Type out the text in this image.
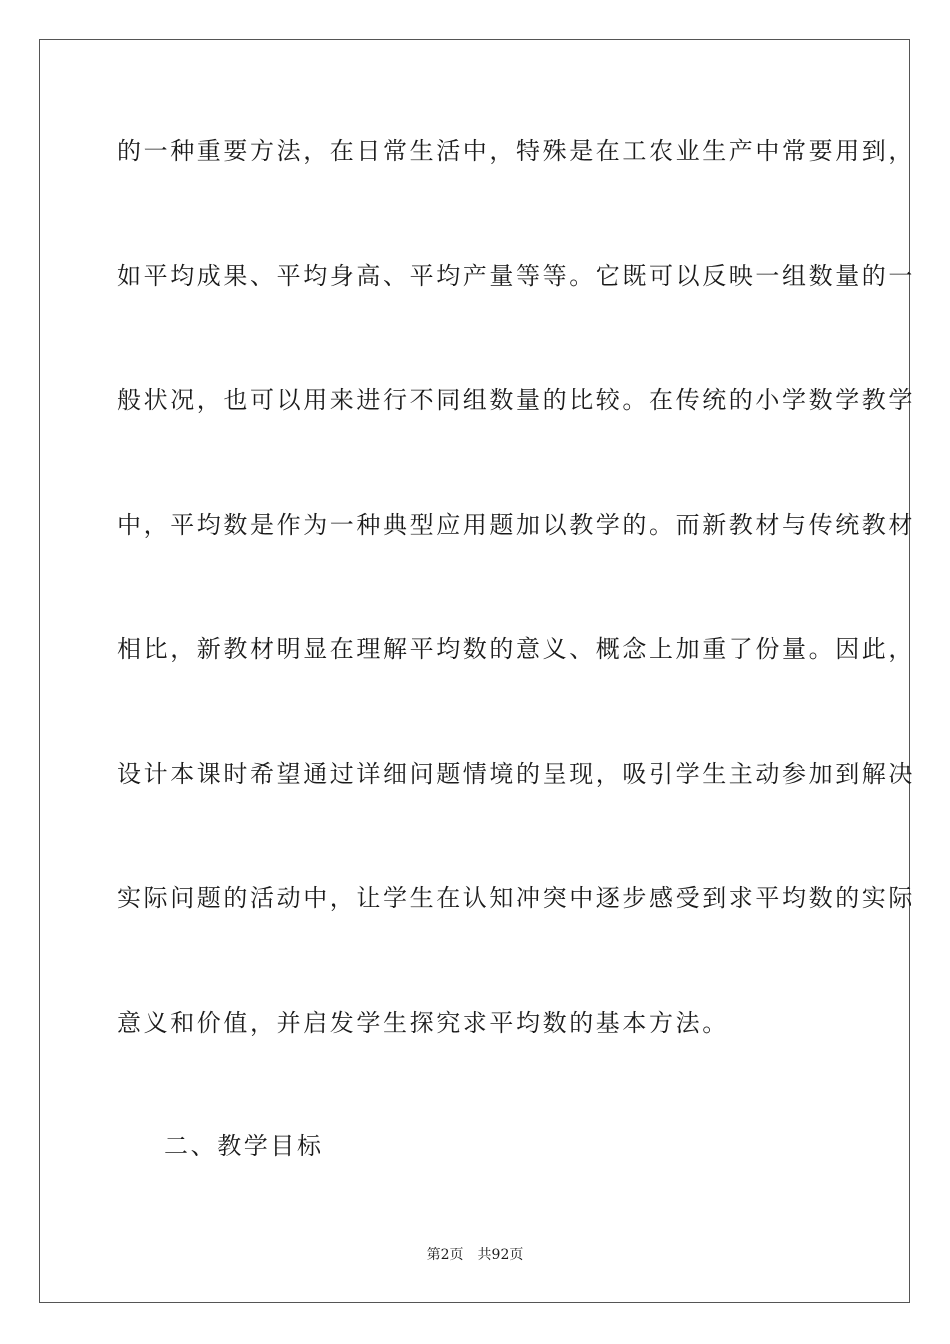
的一种重要方法，在日常生活中，特殊是在工农业生产中常要用到，
如平均成果、平均身高、平均产量等等。它既可以反映一组数量的一
般状况，也可以用来进行不同组数量的比较。在传统的小学数学教学
中，平均数是作为一种典型应用题加以教学的。而新教材与传统教材
相比，新教材明显在理解平均数的意义、概念上加重了份量。因此，
设计本课时希望通过详细问题情境的呈现，吸引学生主动参加到解决
实际问题的活动中，让学生在认知冲突中逐步感受到求平均数的实际
意义和价值，并启发学生探究求平均数的基本方法。
二、教学目标
第2页 共92页
